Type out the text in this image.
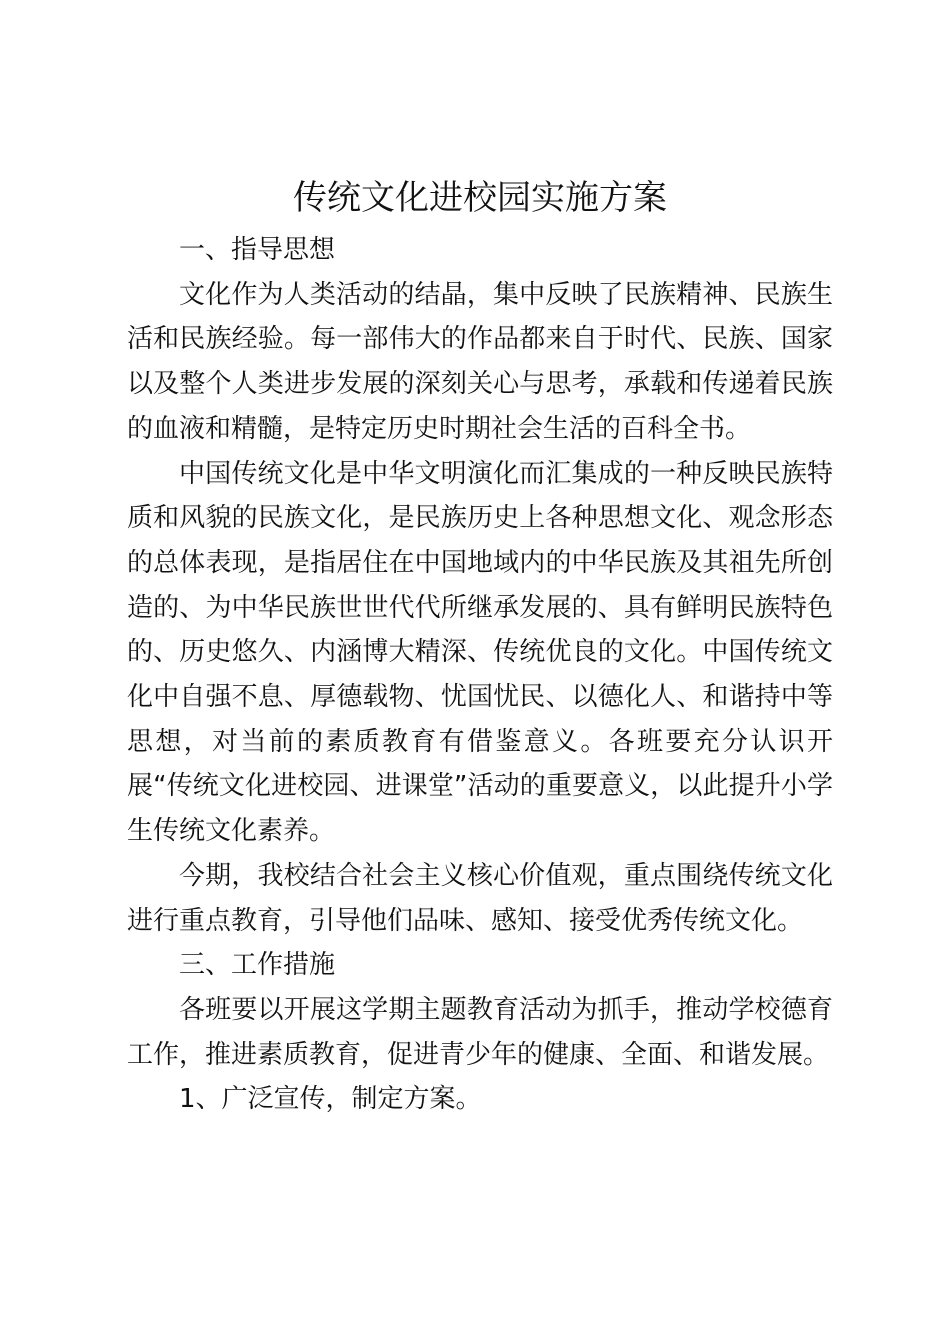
传统文化进校园实施方案

一、指导思想

文化作为人类活动的结晶，集中反映了民族精神、民族生活和民族经验。每一部伟大的作品都来自于时代、民族、国家以及整个人类进步发展的深刻关心与思考，承载和传递着民族的血液和精髓，是特定历史时期社会生活的百科全书。

中国传统文化是中华文明演化而汇集成的一种反映民族特质和风貌的民族文化，是民族历史上各种思想文化、观念形态的总体表现，是指居住在中国地域内的中华民族及其祖先所创造的、为中华民族世世代代所继承发展的、具有鲜明民族特色的、历史悠久、内涵博大精深、传统优良的文化。中国传统文化中自强不息、厚德载物、忧国忧民、以德化人、和谐持中等思想，对当前的素质教育有借鉴意义。各班要充分认识开展“传统文化进校园、进课堂”活动的重要意义，以此提升小学生传统文化素养。

今期，我校结合社会主义核心价值观，重点围绕传统文化进行重点教育，引导他们品味、感知、接受优秀传统文化。

三、工作措施

各班要以开展这学期主题教育活动为抓手，推动学校德育工作，推进素质教育，促进青少年的健康、全面、和谐发展。

1、广泛宣传，制定方案。
